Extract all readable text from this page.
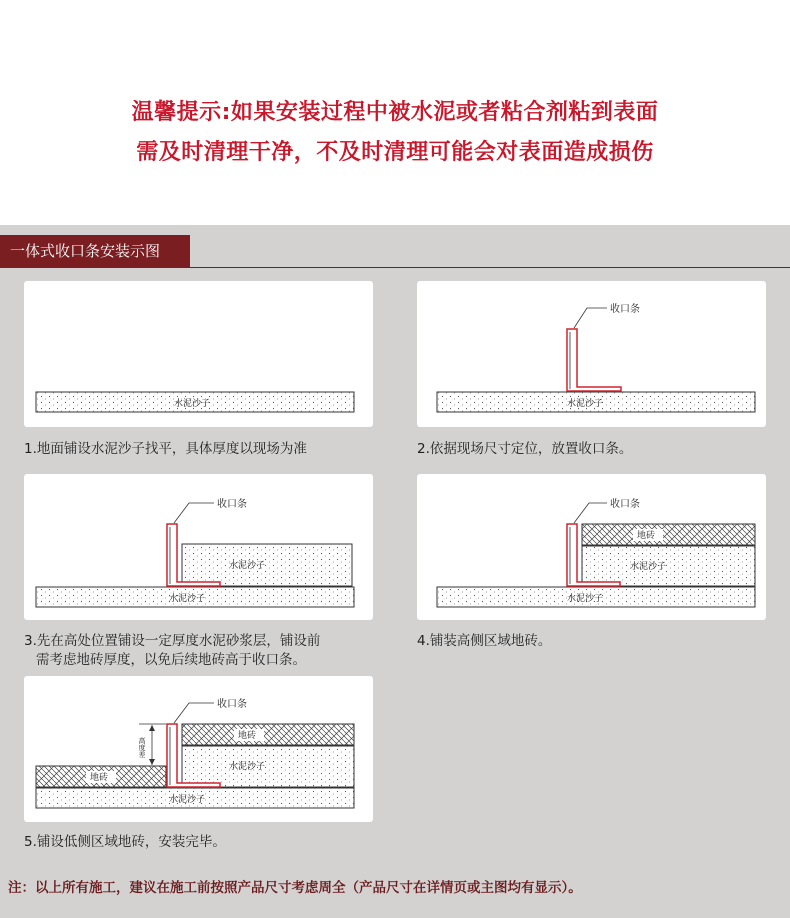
温馨提示:如果安装过程中被水泥或者粘合剂粘到表面
需及时清理干净，不及时清理可能会对表面造成损伤
一体式收口条安装示图
水泥沙子
1.地面铺设水泥沙子找平，具体厚度以现场为准
水泥沙子
收口条
2.依据现场尺寸定位，放置收口条。
水泥沙子
水泥沙子
收口条
3.先在高处位置铺设一定厚度水泥砂浆层，铺设前
需考虑地砖厚度，以免后续地砖高于收口条。
水泥沙子
水泥沙子
地砖
收口条
4.铺装高侧区域地砖。
水泥沙子
水泥沙子
地砖
地砖
收口条
高度差
5.铺设低侧区域地砖，安装完毕。
注：以上所有施工，建议在施工前按照产品尺寸考虑周全（产品尺寸在详情页或主图均有显示）。
